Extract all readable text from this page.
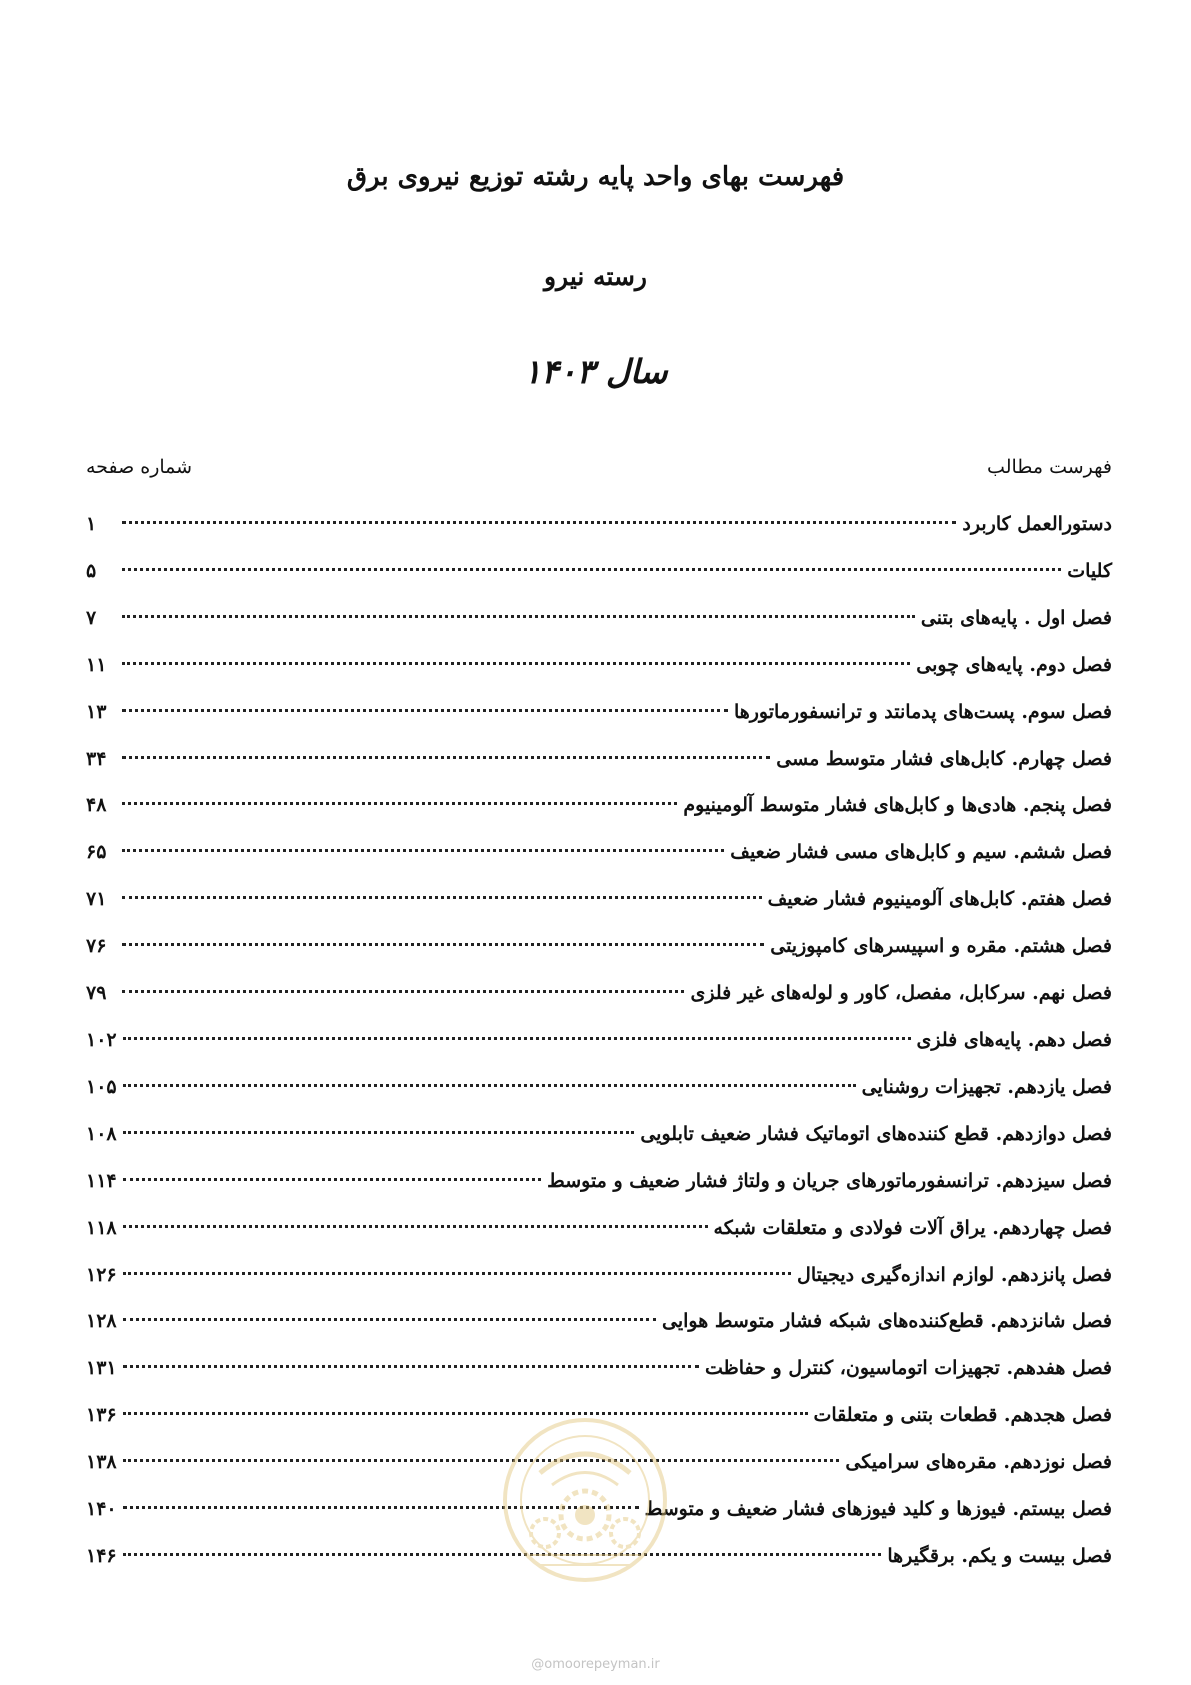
فهرست بهای واحد پایه رشته توزیع نیروی برق
رسته نیرو
سال ۱۴۰۳
فهرست مطالب
شماره صفحه
دستورالعمل کاربرد
۱
کلیات
۵
فصل اول . پایه‌های بتنی
۷
فصل دوم. پایه‌های چوبی
۱۱
فصل سوم. پست‌های پدمانتد و ترانسفورماتورها
۱۳
فصل چهارم. کابل‌های فشار متوسط مسی
۳۴
فصل پنجم. هادی‌ها و کابل‌های فشار متوسط آلومینیوم
۴۸
فصل ششم. سیم و کابل‌های مسی فشار ضعیف
۶۵
فصل هفتم. کابل‌های آلومینیوم فشار ضعیف
۷۱
فصل هشتم. مقره و اسپیسرهای کامپوزیتی
۷۶
فصل نهم. سرکابل، مفصل، کاور و لوله‌های غیر فلزی
۷۹
فصل دهم. پایه‌های فلزی
۱۰۲
فصل یازدهم. تجهیزات روشنایی
۱۰۵
فصل دوازدهم. قطع کننده‌های اتوماتیک فشار ضعیف تابلویی
۱۰۸
فصل سیزدهم. ترانسفورماتورهای جریان و ولتاژ فشار ضعیف و متوسط
۱۱۴
فصل چهاردهم. یراق آلات فولادی و متعلقات شبکه
۱۱۸
فصل پانزدهم. لوازم اندازه‌گیری دیجیتال
۱۲۶
فصل شانزدهم. قطع‌کننده‌های شبکه فشار متوسط هوایی
۱۲۸
فصل هفدهم. تجهیزات اتوماسیون، کنترل و حفاظت
۱۳۱
فصل هجدهم. قطعات بتنی و متعلقات
۱۳۶
فصل نوزدهم. مقره‌های سرامیکی
۱۳۸
فصل بیستم. فیوزها و کلید فیوزهای فشار ضعیف و متوسط
۱۴۰
فصل بیست و یکم. برقگیرها
۱۴۶
@omoorepeyman.ir
